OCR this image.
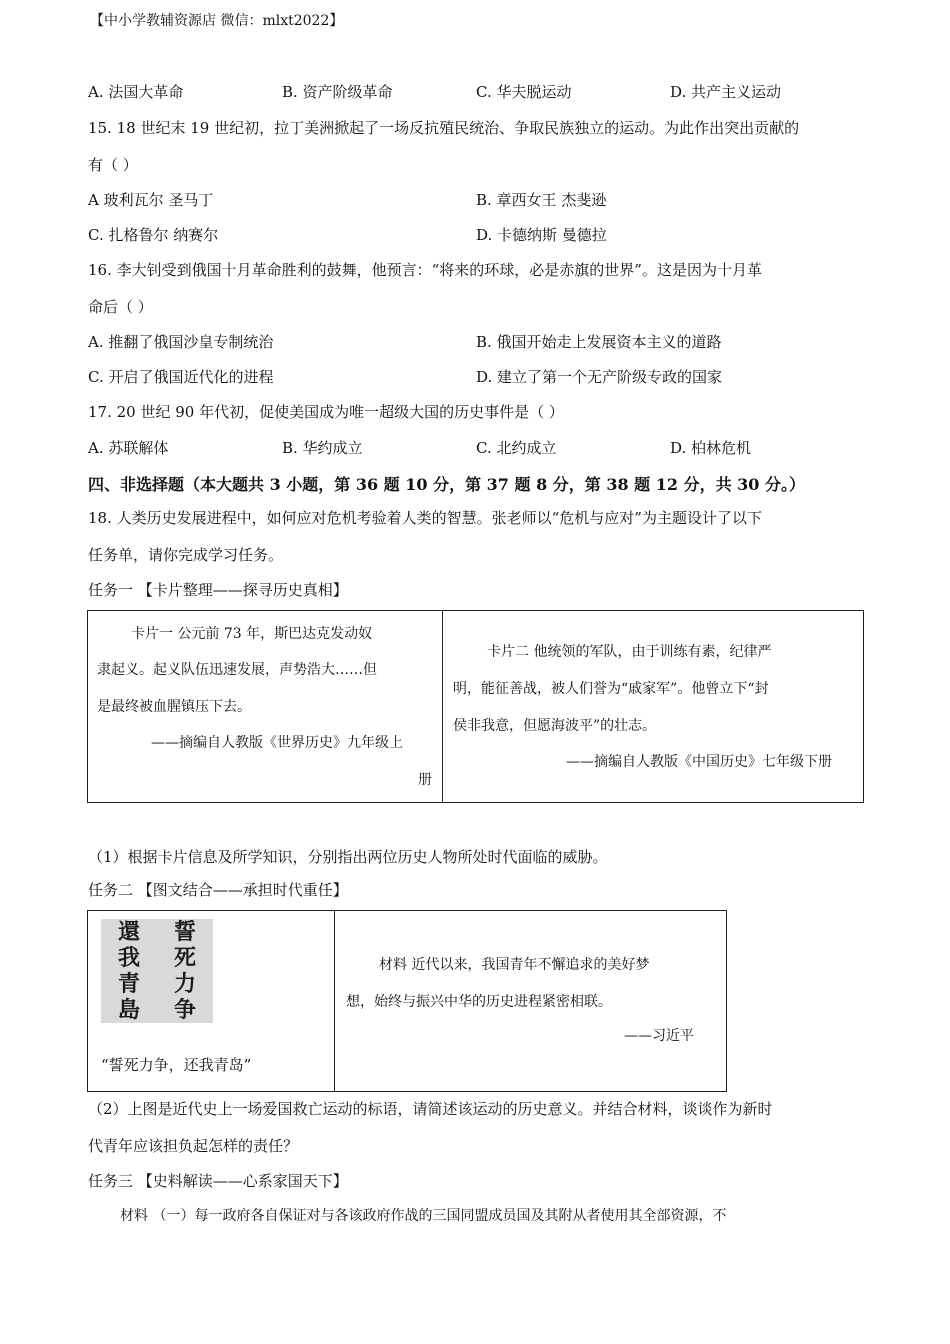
【中小学教辅资源店 微信：mlxt2022】
A. 法国大革命	B. 资产阶级革命	C. 华夫脱运动	D. 共产主义运动
15. 18 世纪末 19 世纪初，拉丁美洲掀起了一场反抗殖民统治、争取民族独立的运动。为此作出突出贡献的
有（ ）
A 玻利瓦尔 圣马丁	B. 章西女王 杰斐逊
C. 扎格鲁尔 纳赛尔	D. 卡德纳斯 曼德拉
16. 李大钊受到俄国十月革命胜利的鼓舞，他预言：“将来的环球，必是赤旗的世界”。这是因为十月革
命后（ ）
A. 推翻了俄国沙皇专制统治	B. 俄国开始走上发展资本主义的道路
C. 开启了俄国近代化的进程	D. 建立了第一个无产阶级专政的国家
17. 20 世纪 90 年代初，促使美国成为唯一超级大国的历史事件是（ ）
A. 苏联解体	B. 华约成立	C. 北约成立	D. 柏林危机
四、非选择题（本大题共 3 小题，第 36 题 10 分，第 37 题 8 分，第 38 题 12 分，共 30 分。）
18. 人类历史发展进程中，如何应对危机考验着人类的智慧。张老师以“危机与应对”为主题设计了以下
任务单，请你完成学习任务。
任务一 【卡片整理——探寻历史真相】
卡片一 公元前 73 年，斯巴达克发动奴
隶起义。起义队伍迅速发展，声势浩大……但
是最终被血腥镇压下去。
——摘编自人教版《世界历史》九年级上
册
卡片二 他统领的军队，由于训练有素，纪律严
明，能征善战，被人们誉为“戚家军”。他曾立下“封
侯非我意，但愿海波平”的壮志。
——摘编自人教版《中国历史》七年级下册
（1）根据卡片信息及所学知识，分别指出两位历史人物所处时代面临的威胁。
任务二 【图文结合——承担时代重任】
還
我
青
島
誓
死
力
争
“誓死力争，还我青岛”
材料 近代以来，我国青年不懈追求的美好梦
想，始终与振兴中华的历史进程紧密相联。
——习近平
（2）上图是近代史上一场爱国救亡运动的标语，请简述该运动的历史意义。并结合材料，谈谈作为新时
代青年应该担负起怎样的责任？
任务三 【史料解读——心系家国天下】
材料 （一）每一政府各自保证对与各该政府作战的三国同盟成员国及其附从者使用其全部资源，不
